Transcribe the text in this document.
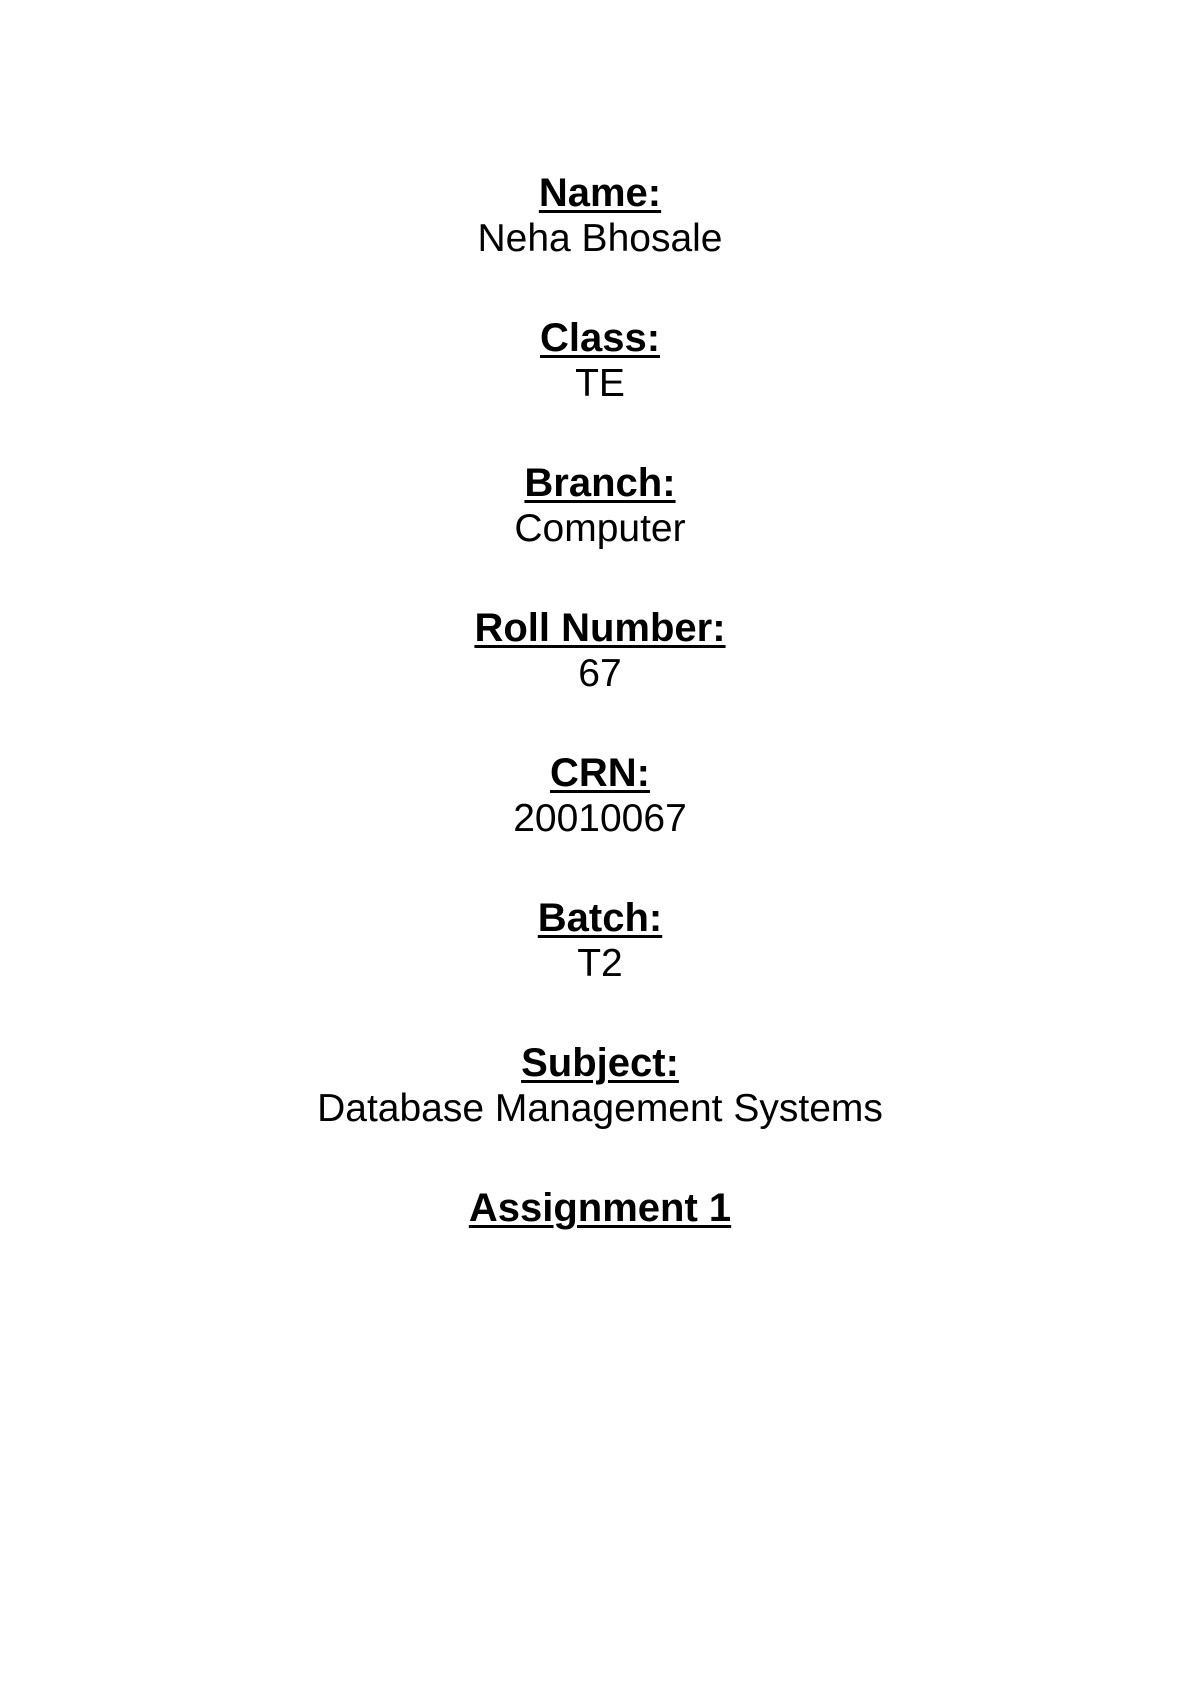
Name:
Neha Bhosale
Class:
TE
Branch:
Computer
Roll Number:
67
CRN:
20010067
Batch:
T2
Subject:
Database Management Systems
Assignment 1
